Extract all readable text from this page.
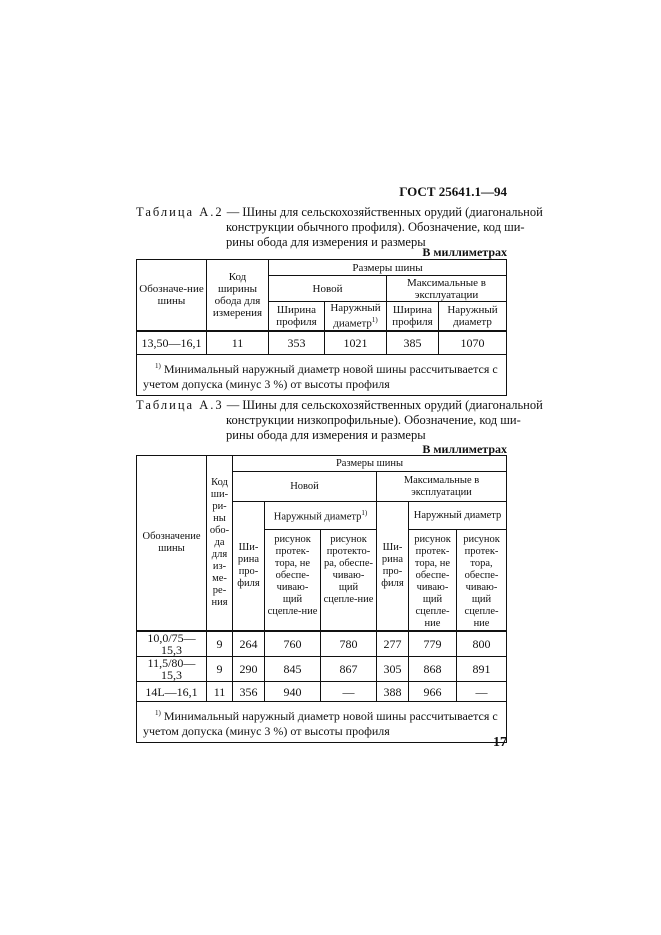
ГОСТ 25641.1—94
Таблица А.2 — Шины для сельскохозяйственных орудий (диагональной
конструкции обычного профиля). Обозначение, код ши-
рины обода для измерения и размеры
В миллиметрах
Обозначе-ние шины	Код ширины обода для измерения	Размеры шины			
		Новой		Максимальные в эксплуатации	
		Ширина профиля	Наружный диаметр$^{1)}$	Ширина профиля	Наружный диаметр
13,50—16,1	11	353	1021	385	1070

$^{1)}$ Минимальный наружный диаметр новой шины рассчитывается с
учетом допуска (минус 3 %) от высоты профиля					
Таблица А.3 — Шины для сельскохозяйственных орудий (диагональной
конструкции низкопрофильные). Обозначение, код ши-
рины обода для измерения и размеры
В миллиметрах
Обозначение шины	Код ши-ри-ны обо-да для из-ме-ре-ния	Размеры шины					
		Новой			Максимальные в эксплуатации		
		Ши-рина про-филя	Наружный диаметр$^{1)}$		Ши-рина про-филя	Наружный диаметр	
			рисунок протек-тора, не обеспе-чиваю-щий сцепле-ние	рисунок протекто-ра, обеспе-чиваю-щий сцепле-ние		рисунок протек-тора, не обеспе-чиваю-щий сцепле-ние	рисунок протек-тора, обеспе-чиваю-щий сцепле-ние
10,0/75—15,3	9	264	760	780	277	779	800
11,5/80—15,3	9	290	845	867	305	868	891
14L—16,1	11	356	940	—	388	966	—

$^{1)}$ Минимальный наружный диаметр новой шины рассчитывается с
учетом допуска (минус 3 %) от высоты профиля							
17
